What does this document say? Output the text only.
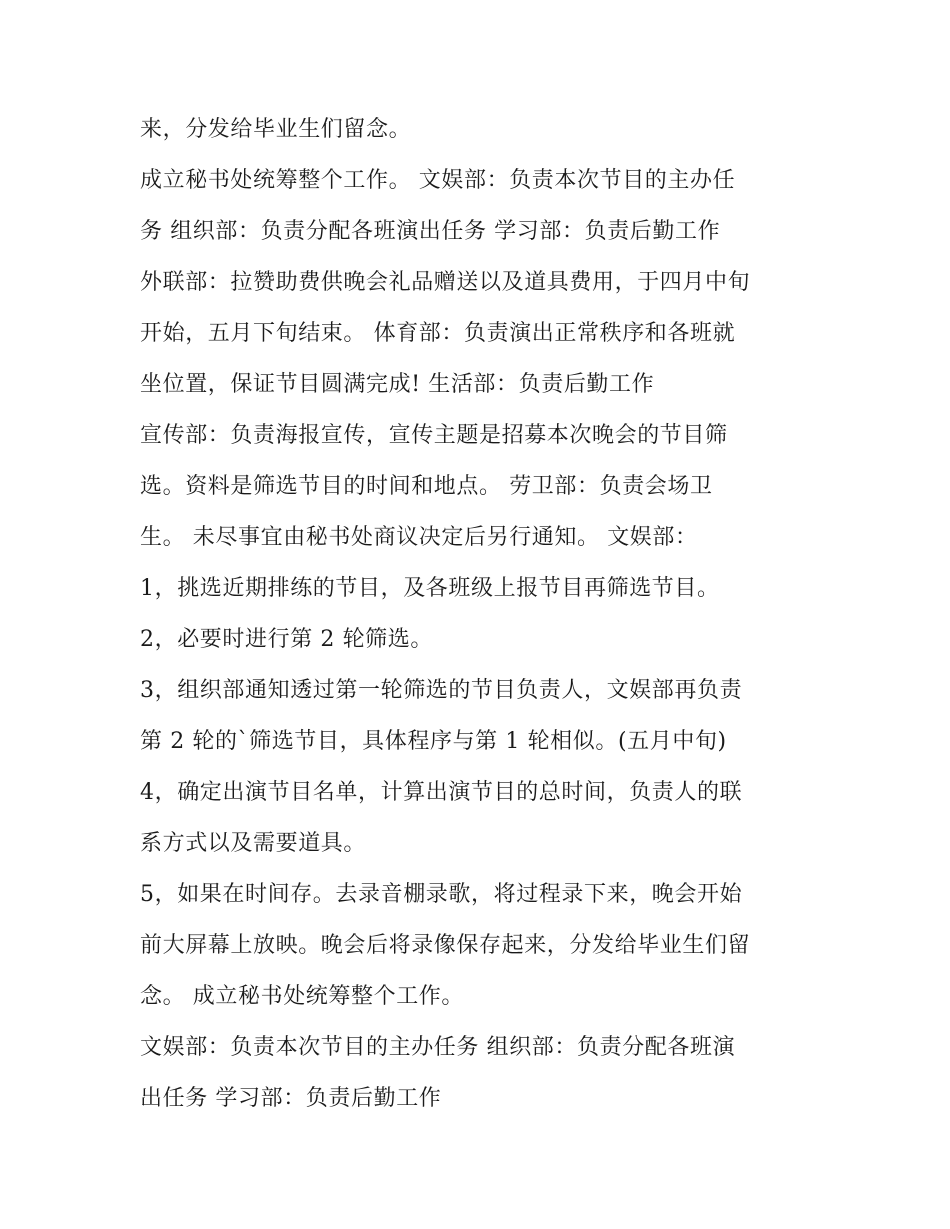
来，分发给毕业生们留念。

成立秘书处统筹整个工作。 文娱部：负责本次节目的主办任

务 组织部：负责分配各班演出任务 学习部：负责后勤工作

外联部：拉赞助费供晚会礼品赠送以及道具费用，于四月中旬

开始，五月下旬结束。 体育部：负责演出正常秩序和各班就

坐位置，保证节目圆满完成! 生活部：负责后勤工作

宣传部：负责海报宣传，宣传主题是招募本次晚会的节目筛

选。资料是筛选节目的时间和地点。 劳卫部：负责会场卫

生。 未尽事宜由秘书处商议决定后另行通知。 文娱部：

1，挑选近期排练的节目，及各班级上报节目再筛选节目。

2，必要时进行第 2 轮筛选。

3，组织部通知透过第一轮筛选的节目负责人，文娱部再负责

第 2 轮的`筛选节目，具体程序与第 1 轮相似。(五月中旬)

4，确定出演节目名单，计算出演节目的总时间，负责人的联

系方式以及需要道具。

5，如果在时间存。去录音棚录歌，将过程录下来，晚会开始

前大屏幕上放映。晚会后将录像保存起来，分发给毕业生们留

念。 成立秘书处统筹整个工作。

文娱部：负责本次节目的主办任务 组织部：负责分配各班演

出任务 学习部：负责后勤工作
